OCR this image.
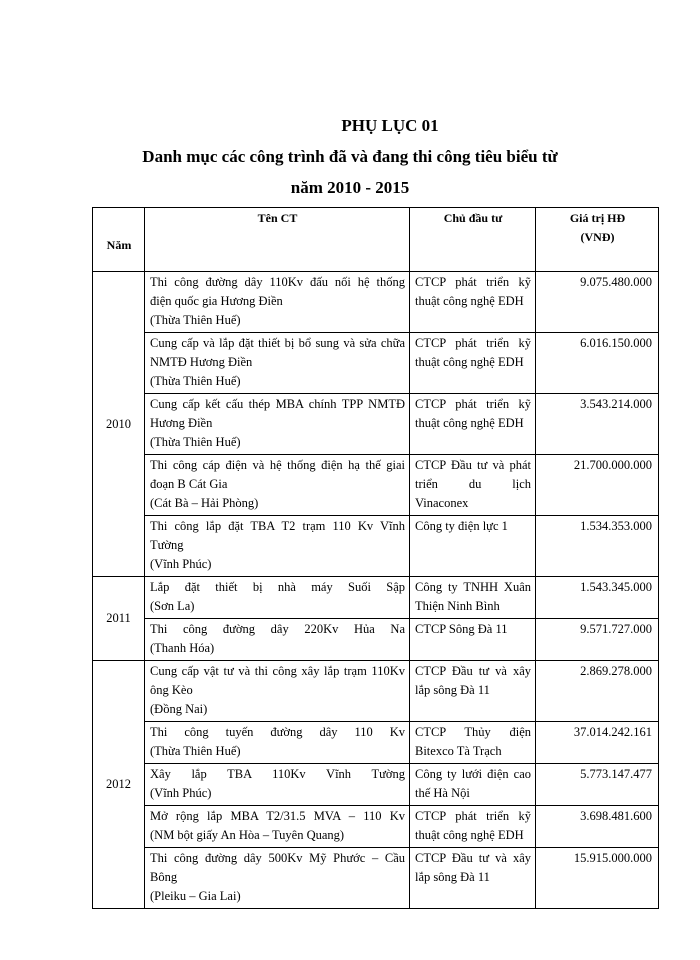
PHỤ LỤC 01
Danh mục các công trình đã và đang thi công tiêu biểu từ
năm 2010 - 2015
Năm	Tên CT	Chủ đầu tư	Giá trị HĐ
(VNĐ)

2010	Thi công đường dây 110Kv đấu nối hệ thống
điện quốc gia Hương Điền
(Thừa Thiên Huế)	CTCP phát triển kỹ
thuật công nghệ EDH	9.075.480.000

	Cung cấp và lắp đặt thiết bị bổ sung và sửa chữa
NMTĐ Hương Điền
(Thừa Thiên Huế)	CTCP phát triển kỹ
thuật công nghệ EDH	6.016.150.000

	Cung cấp kết cấu thép MBA chính TPP NMTĐ
Hương Điền
(Thừa Thiên Huế)	CTCP phát triển kỹ
thuật công nghệ EDH	3.543.214.000

	Thi công cáp điện và hệ thống điện hạ thế giai
đoạn B Cát Gia
(Cát Bà – Hải Phòng)	CTCP Đầu tư và phát
triển du lịch
Vinaconex	21.700.000.000

	Thi công lắp đặt TBA T2 trạm 110 Kv Vĩnh
Tường
(Vĩnh Phúc)	Công ty điện lực 1	1.534.353.000
2011	Lắp đặt thiết bị nhà máy Suối Sập
(Sơn La)	Công ty TNHH Xuân
Thiện Ninh Bình	1.543.345.000

	Thi công đường dây 220Kv Hủa Na
(Thanh Hóa)	CTCP Sông Đà 11	9.571.727.000
2012	Cung cấp vật tư và thi công xây lắp trạm 110Kv
ông Kèo
(Đồng Nai)	CTCP Đầu tư và xây
lắp sông Đà 11	2.869.278.000

	Thi công tuyến đường dây 110 Kv
(Thừa Thiên Huế)	CTCP Thủy điện
Bitexco Tà Trạch	37.014.242.161

	Xây lắp TBA 110Kv Vĩnh Tường
(Vĩnh Phúc)	Công ty lưới điện cao
thế Hà Nội	5.773.147.477

	Mở rộng lắp MBA T2/31.5 MVA – 110 Kv
(NM bột giấy An Hòa – Tuyên Quang)	CTCP phát triển kỹ
thuật công nghệ EDH	3.698.481.600

	Thi công đường dây 500Kv Mỹ Phước – Cầu
Bông
(Pleiku – Gia Lai)	CTCP Đầu tư và xây
lắp sông Đà 11	15.915.000.000
